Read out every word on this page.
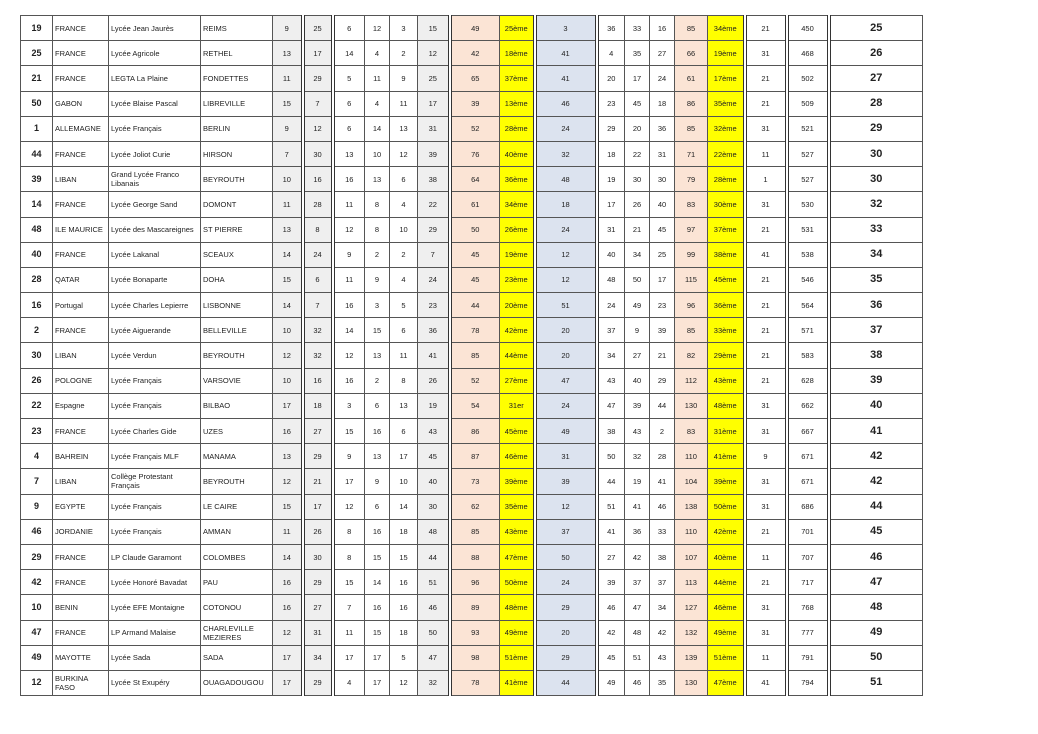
19	FRANCE	Lycée Jean Jaurès	REIMS	9	25	6	12	3	15	49	25ème	3	36	33	16	85	34ème	21	450	25
25	FRANCE	Lycée Agricole	RETHEL	13	17	14	4	2	12	42	18ème	41	4	35	27	66	19ème	31	468	26
21	FRANCE	LEGTA La Plaine	FONDETTES	11	29	5	11	9	25	65	37ème	41	20	17	24	61	17ème	21	502	27
50	GABON	Lycée Blaise Pascal	LIBREVILLE	15	7	6	4	11	17	39	13ème	46	23	45	18	86	35ème	21	509	28
1	ALLEMAGNE	Lycée Français	BERLIN	9	12	6	14	13	31	52	28ème	24	29	20	36	85	32ème	31	521	29
44	FRANCE	Lycée Joliot Curie	HIRSON	7	30	13	10	12	39	76	40ème	32	18	22	31	71	22ème	11	527	30
39	LIBAN	Grand Lycée Franco Libanais	BEYROUTH	10	16	16	13	6	38	64	36ème	48	19	30	30	79	28ème	1	527	30
14	FRANCE	Lycée George Sand	DOMONT	11	28	11	8	4	22	61	34ème	18	17	26	40	83	30ème	31	530	32
48	ILE MAURICE	Lycée des Mascareignes	ST PIERRE	13	8	12	8	10	29	50	26ème	24	31	21	45	97	37ème	21	531	33
40	FRANCE	Lycée Lakanal	SCEAUX	14	24	9	2	2	7	45	19ème	12	40	34	25	99	38ème	41	538	34
28	QATAR	Lycée Bonaparte	DOHA	15	6	11	9	4	24	45	23ème	12	48	50	17	115	45ème	21	546	35
16	Portugal	Lycée Charles Lepierre	LISBONNE	14	7	16	3	5	23	44	20ème	51	24	49	23	96	36ème	21	564	36
2	FRANCE	Lycée Aiguerande	BELLEVILLE	10	32	14	15	6	36	78	42ème	20	37	9	39	85	33ème	21	571	37
30	LIBAN	Lycée Verdun	BEYROUTH	12	32	12	13	11	41	85	44ème	20	34	27	21	82	29ème	21	583	38
26	POLOGNE	Lycée Français	VARSOVIE	10	16	16	2	8	26	52	27ème	47	43	40	29	112	43ème	21	628	39
22	Espagne	Lycée Français	BILBAO	17	18	3	6	13	19	54	31er	24	47	39	44	130	48ème	31	662	40
23	FRANCE	Lycée Charles Gide	UZES	16	27	15	16	6	43	86	45ème	49	38	43	2	83	31ème	31	667	41
4	BAHREIN	Lycée Français MLF	MANAMA	13	29	9	13	17	45	87	46ème	31	50	32	28	110	41ème	9	671	42
7	LIBAN	Collège Protestant Français	BEYROUTH	12	21	17	9	10	40	73	39ème	39	44	19	41	104	39ème	31	671	42
9	EGYPTE	Lycée Français	LE CAIRE	15	17	12	6	14	30	62	35ème	12	51	41	46	138	50ème	31	686	44
46	JORDANIE	Lycée Français	AMMAN	11	26	8	16	18	48	85	43ème	37	41	36	33	110	42ème	21	701	45
29	FRANCE	LP Claude Garamont	COLOMBES	14	30	8	15	15	44	88	47ème	50	27	42	38	107	40ème	11	707	46
42	FRANCE	Lycée Honoré Bavadat	PAU	16	29	15	14	16	51	96	50ème	24	39	37	37	113	44ème	21	717	47
10	BENIN	Lycée EFE Montaigne	COTONOU	16	27	7	16	16	46	89	48ème	29	46	47	34	127	46ème	31	768	48
47	FRANCE	LP Armand Malaise	CHARLEVILLE MEZIERES	12	31	11	15	18	50	93	49ème	20	42	48	42	132	49ème	31	777	49
49	MAYOTTE	Lycée Sada	SADA	17	34	17	17	5	47	98	51ème	29	45	51	43	139	51ème	11	791	50
12	BURKINA FASO	Lycée St Exupéry	OUAGADOUGOU	17	29	4	17	12	32	78	41ème	44	49	46	35	130	47ème	41	794	51
